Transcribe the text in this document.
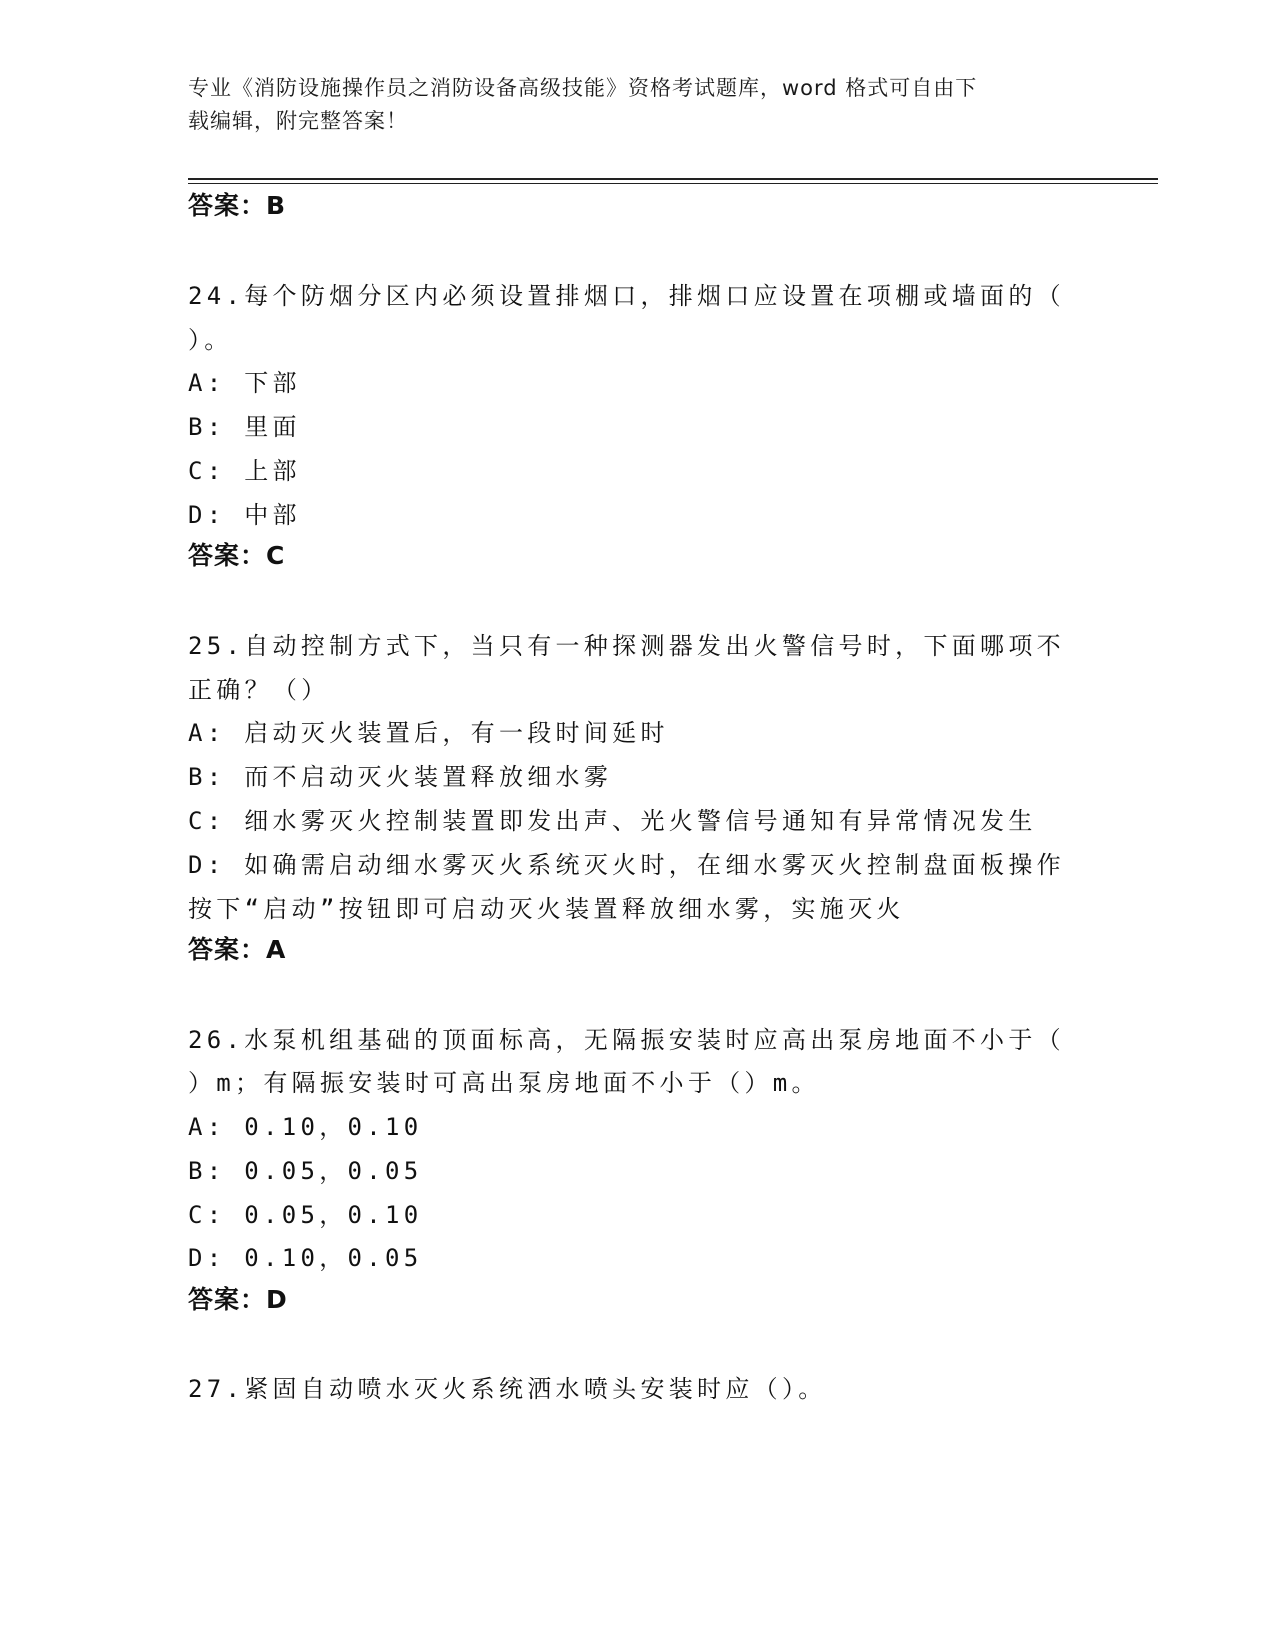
专业《消防设施操作员之消防设备高级技能》资格考试题库，word 格式可自由下
载编辑，附完整答案！
答案：B
24.每个防烟分区内必须设置排烟口，排烟口应设置在项棚或墙面的（
）。
A: 下部
B: 里面
C: 上部
D: 中部
答案：C
25.自动控制方式下，当只有一种探测器发出火警信号时，下面哪项不
正确？（）
A: 启动灭火装置后，有一段时间延时
B: 而不启动灭火装置释放细水雾
C: 细水雾灭火控制装置即发出声、光火警信号通知有异常情况发生
D: 如确需启动细水雾灭火系统灭火时，在细水雾灭火控制盘面板操作
按下“启动”按钮即可启动灭火装置释放细水雾，实施灭火
答案：A
26.水泵机组基础的顶面标高，无隔振安装时应高出泵房地面不小于（
）m；有隔振安装时可高出泵房地面不小于（）m。
A: 0.10，0.10
B: 0.05，0.05
C: 0.05，0.10
D: 0.10，0.05
答案：D
27.紧固自动喷水灭火系统洒水喷头安装时应（）。
